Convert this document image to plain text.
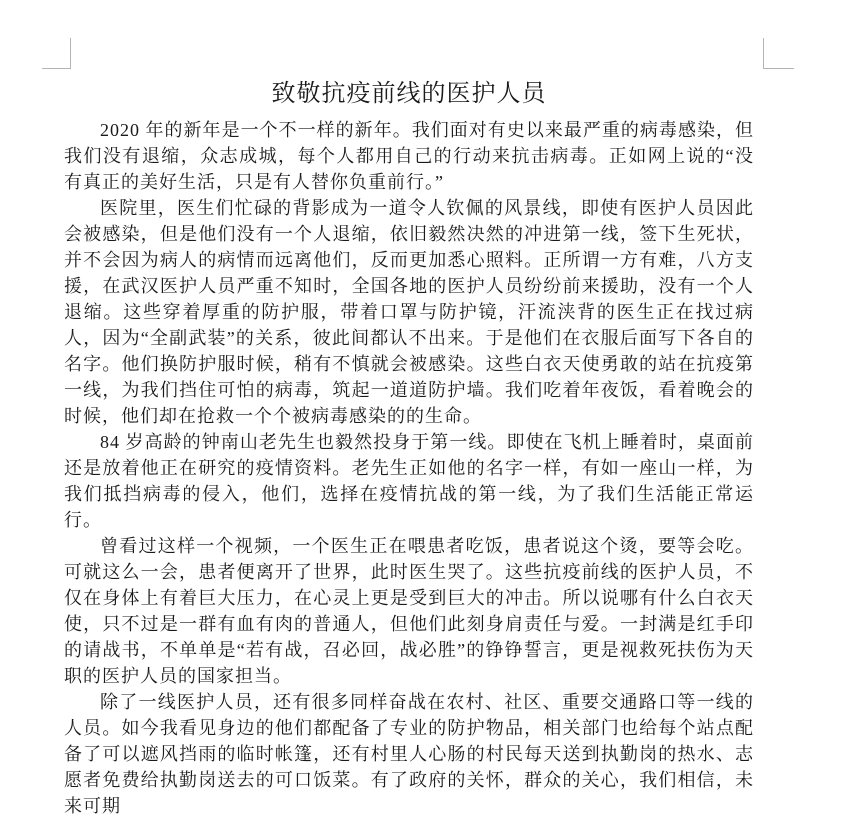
致敬抗疫前线的医护人员

2020 年的新年是一个不一样的新年。我们面对有史以来最严重的病毒感染，但我们没有退缩，众志成城，每个人都用自己的行动来抗击病毒。正如网上说的“没有真正的美好生活，只是有人替你负重前行。”

医院里，医生们忙碌的背影成为一道令人钦佩的风景线，即使有医护人员因此会被感染，但是他们没有一个人退缩，依旧毅然决然的冲进第一线，签下生死状，并不会因为病人的病情而远离他们，反而更加悉心照料。正所谓一方有难，八方支援，在武汉医护人员严重不知时，全国各地的医护人员纷纷前来援助，没有一个人退缩。这些穿着厚重的防护服，带着口罩与防护镜，汗流浃背的医生正在找过病人，因为“全副武装”的关系，彼此间都认不出来。于是他们在衣服后面写下各自的名字。他们换防护服时候，稍有不慎就会被感染。这些白衣天使勇敢的站在抗疫第一线，为我们挡住可怕的病毒，筑起一道道防护墙。我们吃着年夜饭，看着晚会的时候，他们却在抢救一个个被病毒感染的的生命。

84 岁高龄的钟南山老先生也毅然投身于第一线。即使在飞机上睡着时，桌面前还是放着他正在研究的疫情资料。老先生正如他的名字一样，有如一座山一样，为我们抵挡病毒的侵入，他们，选择在疫情抗战的第一线，为了我们生活能正常运行。

曾看过这样一个视频，一个医生正在喂患者吃饭，患者说这个烫，要等会吃。可就这么一会，患者便离开了世界，此时医生哭了。这些抗疫前线的医护人员，不仅在身体上有着巨大压力，在心灵上更是受到巨大的冲击。所以说哪有什么白衣天使，只不过是一群有血有肉的普通人，但他们此刻身肩责任与爱。一封满是红手印的请战书，不单单是“若有战，召必回，战必胜”的铮铮誓言，更是视救死扶伤为天职的医护人员的国家担当。

除了一线医护人员，还有很多同样奋战在农村、社区、重要交通路口等一线的人员。如今我看见身边的他们都配备了专业的防护物品，相关部门也给每个站点配备了可以遮风挡雨的临时帐篷，还有村里人心肠的村民每天送到执勤岗的热水、志愿者免费给执勤岗送去的可口饭菜。有了政府的关怀，群众的关心，我们相信，未来可期
